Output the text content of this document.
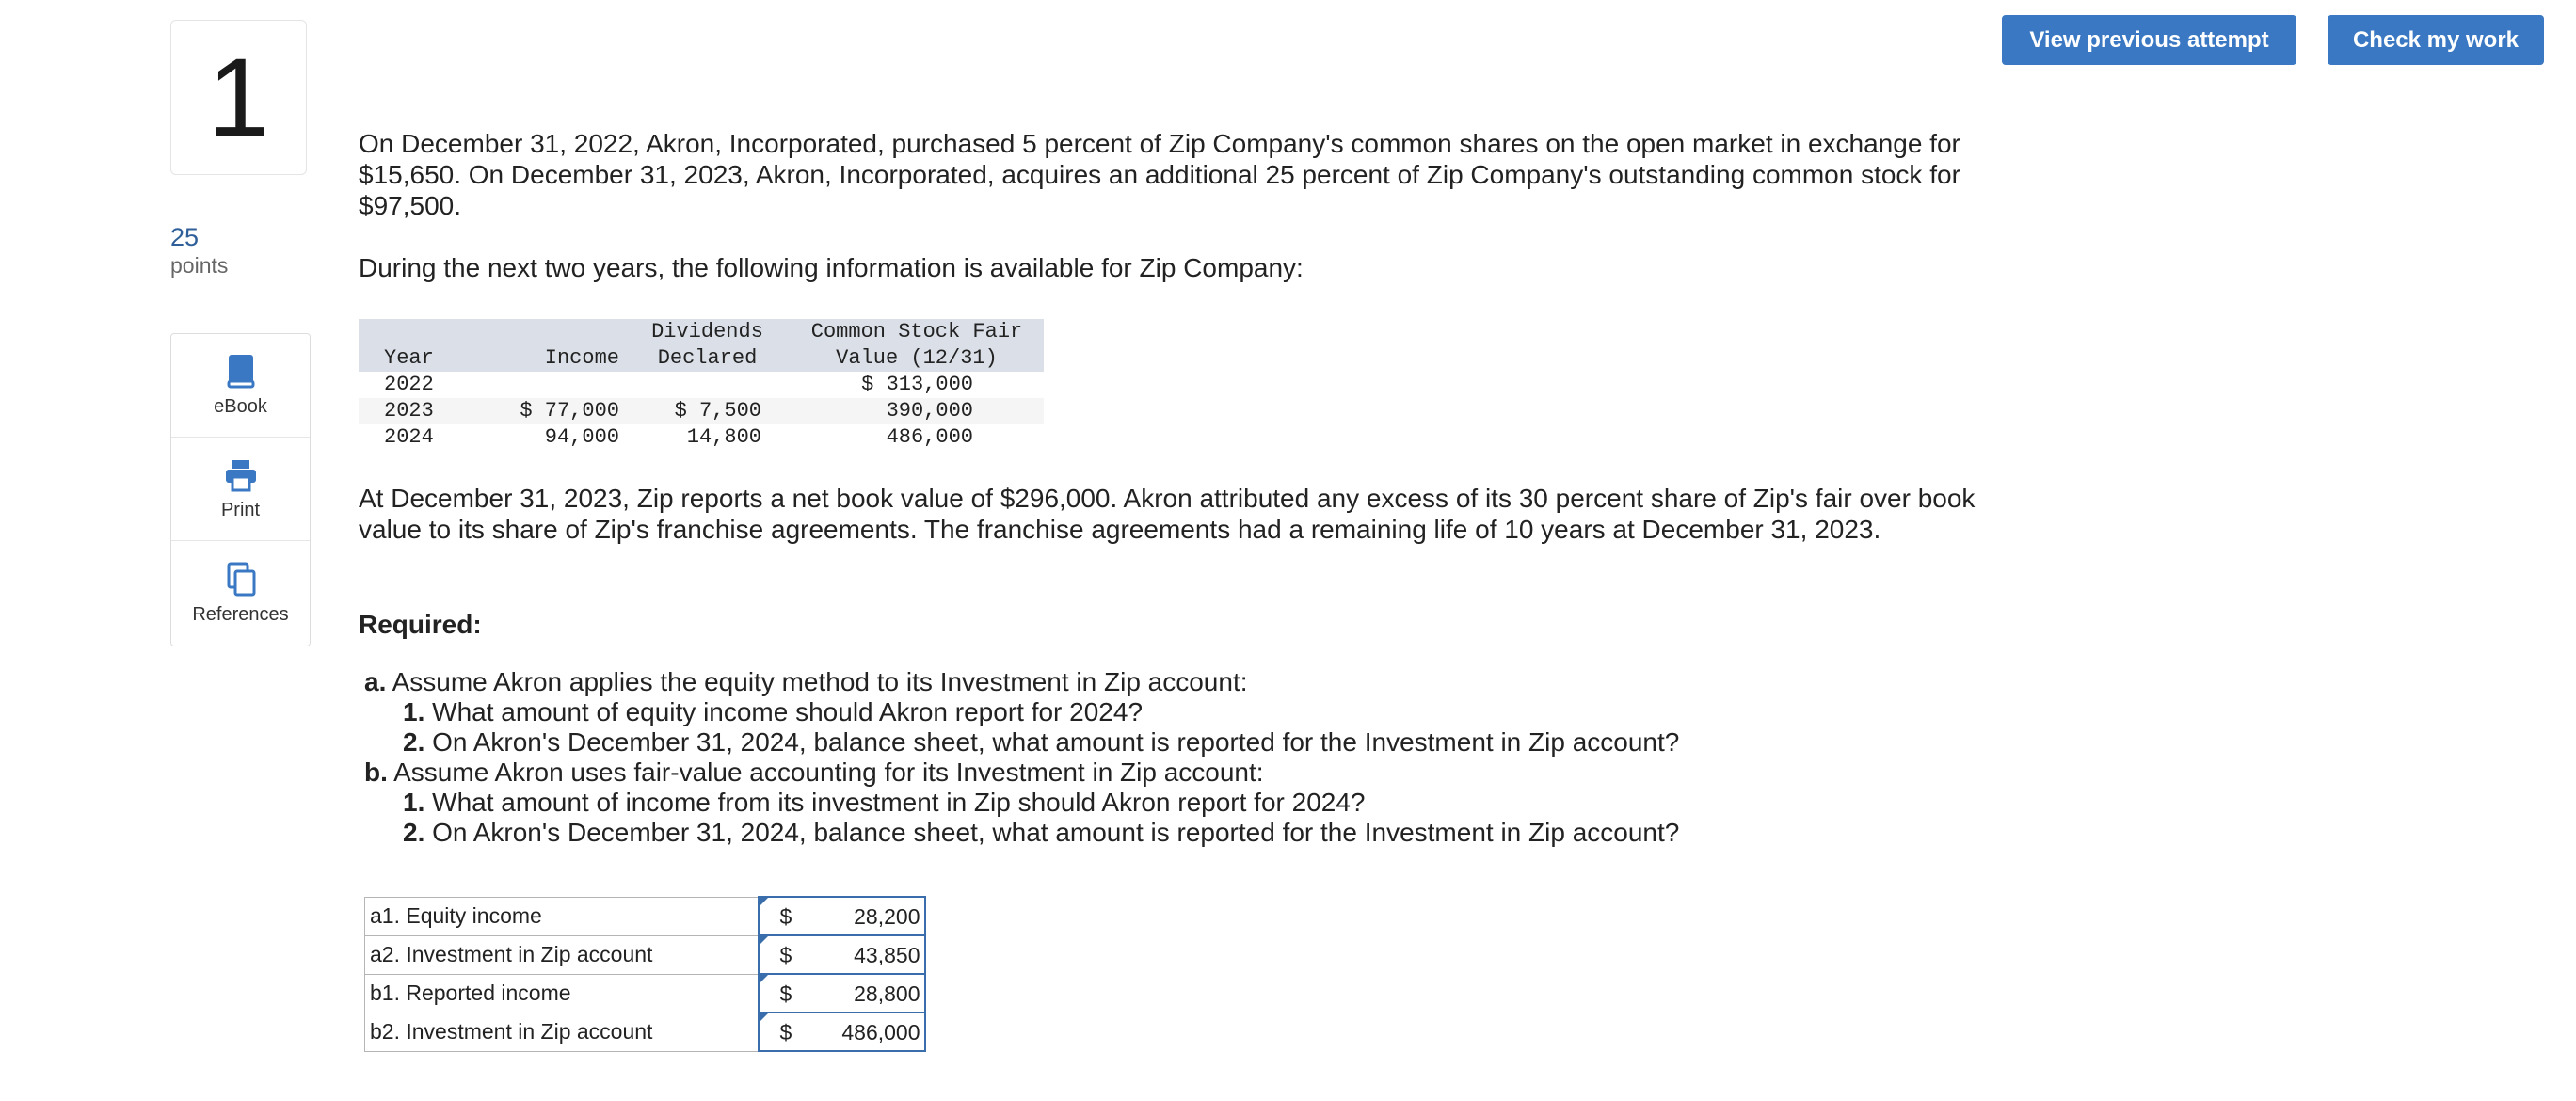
1
25
points
eBook
Print
References
View previous attempt	Check my work
On December 31, 2022, Akron, Incorporated, purchased 5 percent of Zip Company's common shares on the open market in exchange for $15,650. On December 31, 2023, Akron, Incorporated, acquires an additional 25 percent of Zip Company's outstanding common stock for $97,500.
During the next two years, the following information is available for Zip Company:
Year	Income	Dividends	Common Stock Fair
		Declared	Value (12/31)
2022			$ 313,000
2023	$ 77,000	$ 7,500	390,000
2024	94,000	14,800	486,000
At December 31, 2023, Zip reports a net book value of $296,000. Akron attributed any excess of its 30 percent share of Zip's fair over book value to its share of Zip's franchise agreements. The franchise agreements had a remaining life of 10 years at December 31, 2023.
Required:
a. Assume Akron applies the equity method to its Investment in Zip account:
1. What amount of equity income should Akron report for 2024?
2. On Akron's December 31, 2024, balance sheet, what amount is reported for the Investment in Zip account?
b. Assume Akron uses fair-value accounting for its Investment in Zip account:
1. What amount of income from its investment in Zip should Akron report for 2024?
2. On Akron's December 31, 2024, balance sheet, what amount is reported for the Investment in Zip account?
a1. Equity income	$ 28,200

a2. Investment in Zip account	$ 43,850

b1. Reported income	$ 28,800

b2. Investment in Zip account	$ 486,000
